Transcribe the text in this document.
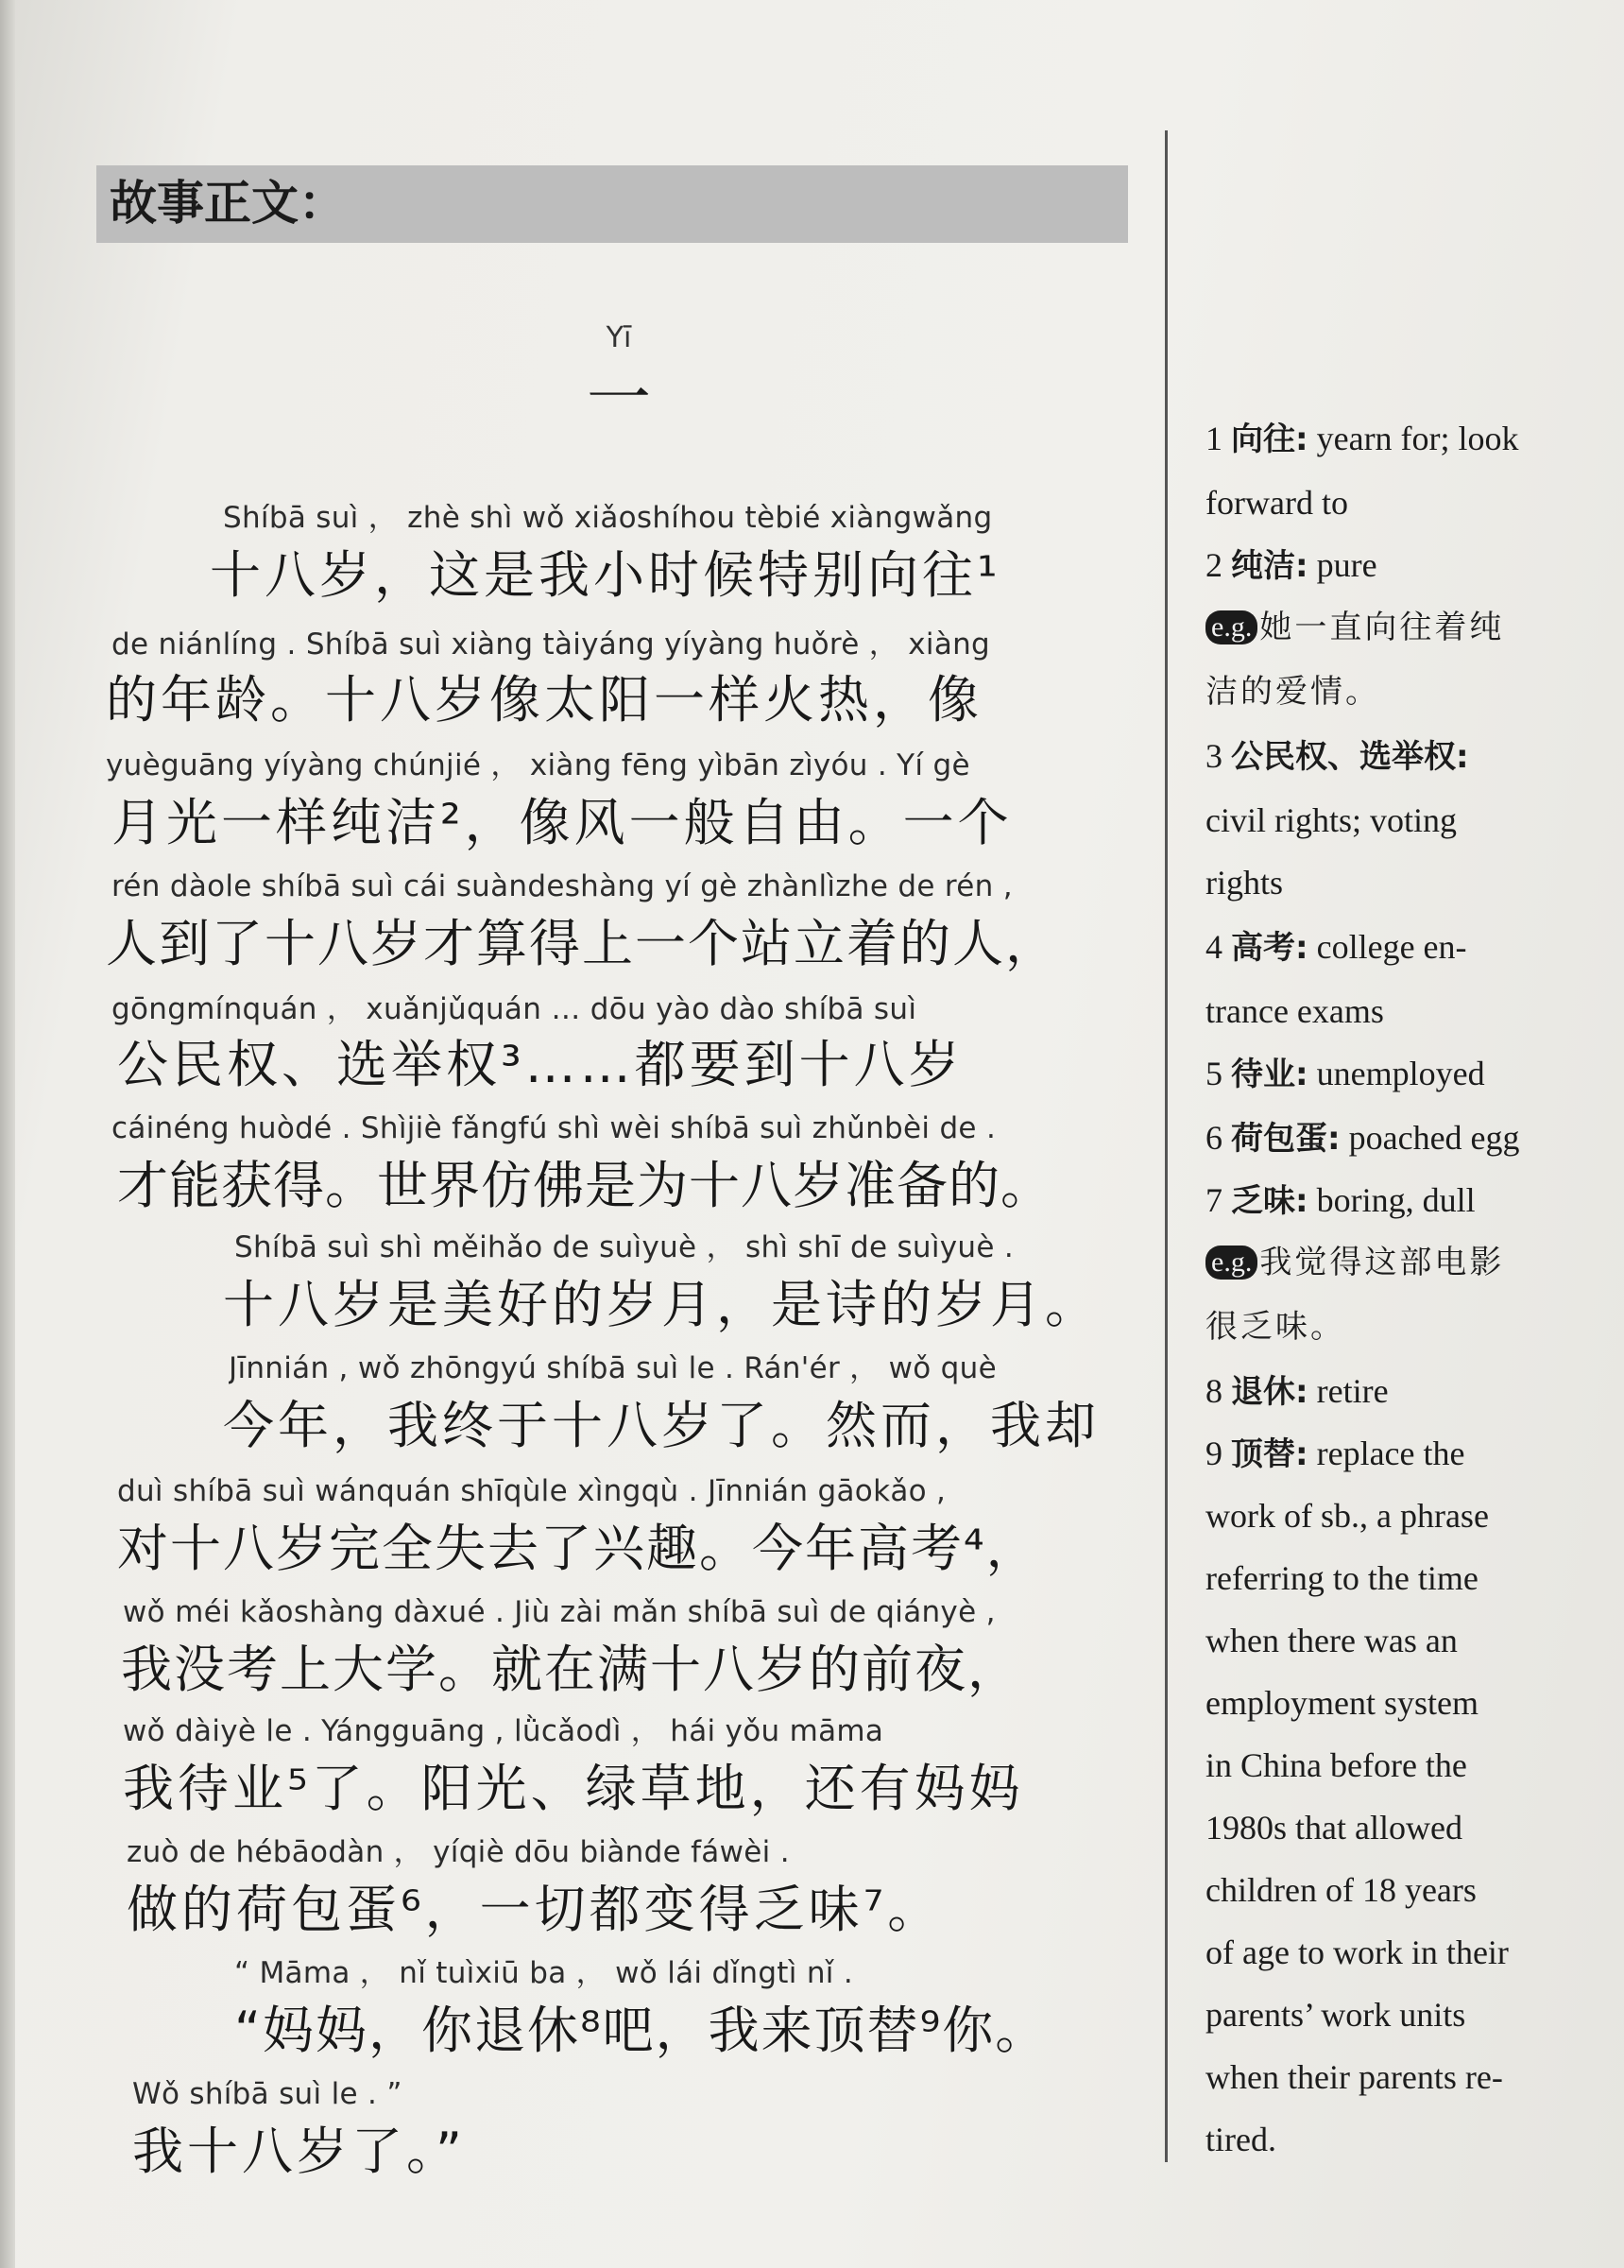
故事正文：
Yī
一
Shíbā suì ， zhè shì wǒ xiǎoshíhou tèbié xiàngwǎng
十八岁，这是我小时候特别向往¹
de niánlíng . Shíbā suì xiàng tàiyáng yíyàng huǒrè ， xiàng
的年龄。十八岁像太阳一样火热，像
yuèguāng yíyàng chúnjié ， xiàng fēng yìbān zìyóu . Yí gè
月光一样纯洁²，像风一般自由。一个
rén dàole shíbā suì cái suàndeshàng yí gè zhànlìzhe de rén ,
人到了十八岁才算得上一个站立着的人，
gōngmínquán ， xuǎnjǔquán … dōu yào dào shíbā suì
公民权、选举权³……都要到十八岁
cáinéng huòdé . Shìjiè fǎngfú shì wèi shíbā suì zhǔnbèi de .
才能获得。世界仿佛是为十八岁准备的。
Shíbā suì shì měihǎo de suìyuè ， shì shī de suìyuè .
十八岁是美好的岁月，是诗的岁月。
Jīnnián , wǒ zhōngyú shíbā suì le . Rán'ér ， wǒ què
今年，我终于十八岁了。然而，我却
duì shíbā suì wánquán shīqùle xìngqù . Jīnnián gāokǎo ,
对十八岁完全失去了兴趣。今年高考⁴，
wǒ méi kǎoshàng dàxué . Jiù zài mǎn shíbā suì de qiányè ,
我没考上大学。就在满十八岁的前夜，
wǒ dàiyè le . Yángguāng , lǜcǎodì ， hái yǒu māma
我待业⁵了。阳光、绿草地，还有妈妈
zuò de hébāodàn ， yíqiè dōu biànde fáwèi .
做的荷包蛋⁶，一切都变得乏味⁷。
“ Māma ， nǐ tuìxiū ba ， wǒ lái dǐngtì nǐ .
“妈妈，你退休⁸吧，我来顶替⁹你。
Wǒ shíbā suì le . ”
我十八岁了。”
1 向往: yearn for; look
forward to
2 纯洁: pure
e.g. 她一直向往着纯
洁的爱情。
3 公民权、选举权:
civil rights; voting
rights
4 高考: college en-
trance exams
5 待业: unemployed
6 荷包蛋: poached egg
7 乏味: boring, dull
e.g. 我觉得这部电影
很乏味。
8 退休: retire
9 顶替: replace the
work of sb., a phrase
referring to the time
when there was an
employment system
in China before the
1980s that allowed
children of 18 years
of age to work in their
parents’ work units
when their parents re-
tired.
